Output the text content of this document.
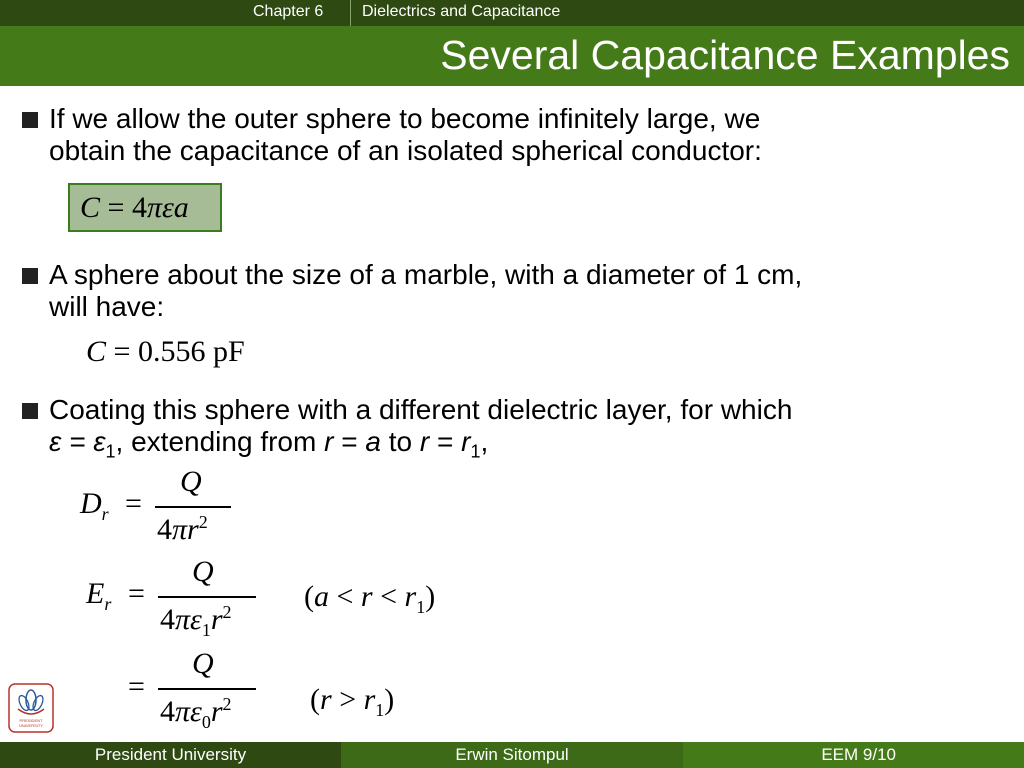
Chapter 6 Dielectrics and Capacitance
Several Capacitance Examples
If we allow the outer sphere to become infinitely large, we
obtain the capacitance of an isolated spherical conductor:
C = 4πεa
A sphere about the size of a marble, with a diameter of 1 cm,
will have:
C = 0.556 pF
Coating this sphere with a different dielectric layer, for which
$\varepsilon = \varepsilon_1$, extending from r = a to $r = r_1$,
$D_r$ =
Q
$4\pi r^2$
$E_r$ =
Q
$4\pi\varepsilon_1r^2$ $(a < r < r_1)$
=
Q
$4\pi\varepsilon_0r^2$	$(r > r_1)$
PRESIDENT
UNIVERSITY
President University	Erwin Sitompul	EEM 9/10
